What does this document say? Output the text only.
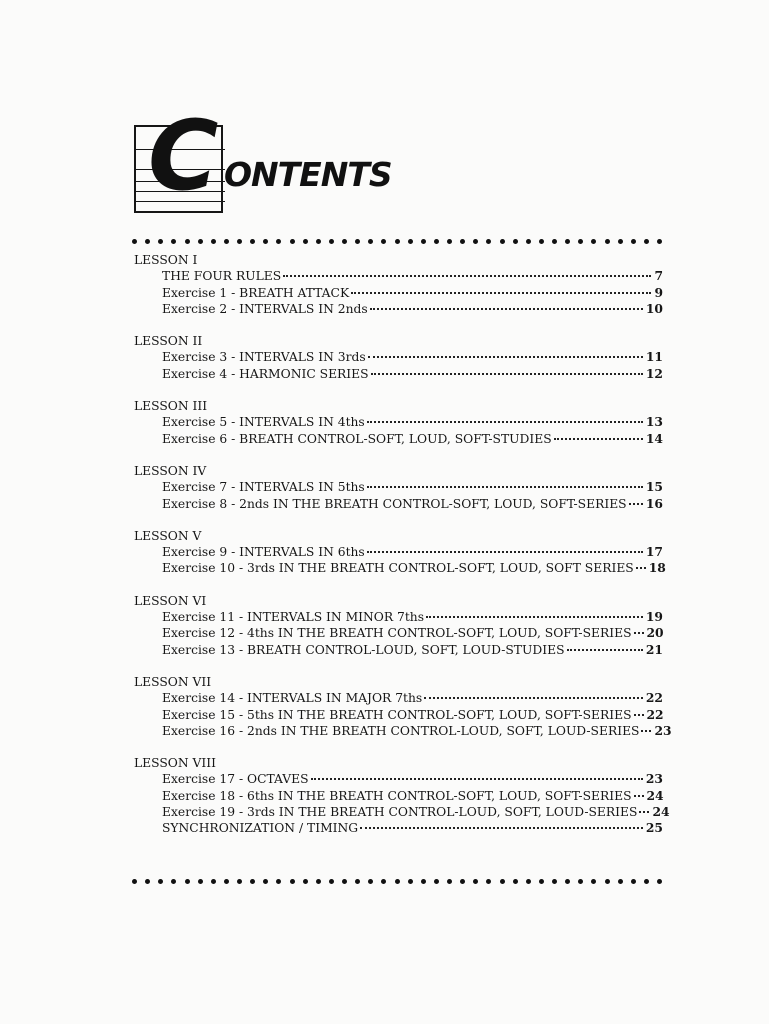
C ONTENTS
LESSON I
THE FOUR RULES	7
Exercise 1 - BREATH ATTACK	9
Exercise 2 - INTERVALS IN 2nds	10
LESSON II
Exercise 3 - INTERVALS IN 3rds	11
Exercise 4 - HARMONIC SERIES	12
LESSON III
Exercise 5 - INTERVALS IN 4ths	13
Exercise 6 - BREATH CONTROL-SOFT, LOUD, SOFT-STUDIES	14
LESSON IV
Exercise 7 - INTERVALS IN 5ths	15
Exercise 8 - 2nds IN THE BREATH CONTROL-SOFT, LOUD, SOFT-SERIES 16
LESSON V
Exercise 9 - INTERVALS IN 6ths	17
Exercise 10 - 3rds IN THE BREATH CONTROL-SOFT, LOUD, SOFT SERIES 18
LESSON VI
Exercise 11 - INTERVALS IN MINOR 7ths	19
Exercise 12 - 4ths IN THE BREATH CONTROL-SOFT, LOUD, SOFT-SERIES 20
Exercise 13 - BREATH CONTROL-LOUD, SOFT, LOUD-STUDIES	21
LESSON VII
Exercise 14 - INTERVALS IN MAJOR 7ths	22
Exercise 15 - 5ths IN THE BREATH CONTROL-SOFT, LOUD, SOFT-SERIES 22
Exercise 16 - 2nds IN THE BREATH CONTROL-LOUD, SOFT, LOUD-SERIES 23
LESSON VIII
Exercise 17 - OCTAVES	23
Exercise 18 - 6ths IN THE BREATH CONTROL-SOFT, LOUD, SOFT-SERIES 24
Exercise 19 - 3rds IN THE BREATH CONTROL-LOUD, SOFT, LOUD-SERIES 24
SYNCHRONIZATION / TIMING	25
